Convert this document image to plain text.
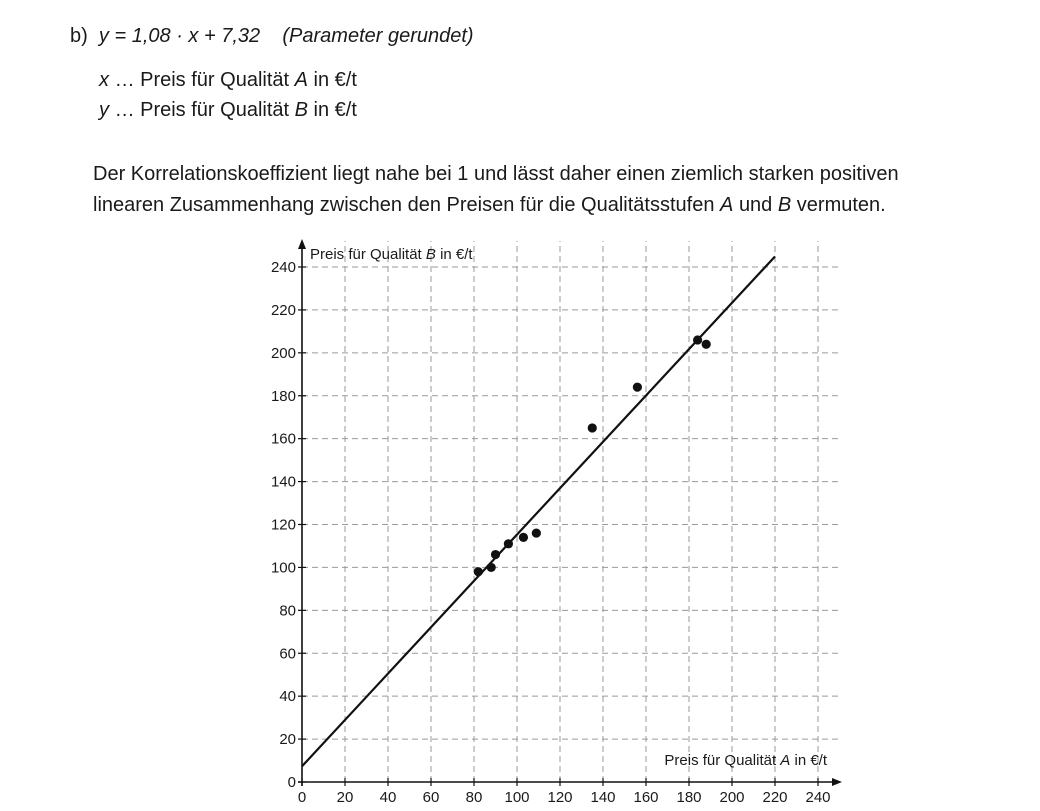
b) y = 1,08 · x + 7,32 (Parameter gerundet)
x … Preis für Qualität A in €/t
y … Preis für Qualität B in €/t
Der Korrelationskoeffizient liegt nahe bei 1 und lässt daher einen ziemlich starken positiven
linearen Zusammenhang zwischen den Preisen für die Qualitätsstufen A und B vermuten.
0 20 40 60 80 100 120 140 160 180 200 220 240
0
20
40
60
80
100
120
140
160
180
200
220
240
Preis für Qualität B in €/t
Preis für Qualität A in €/t
